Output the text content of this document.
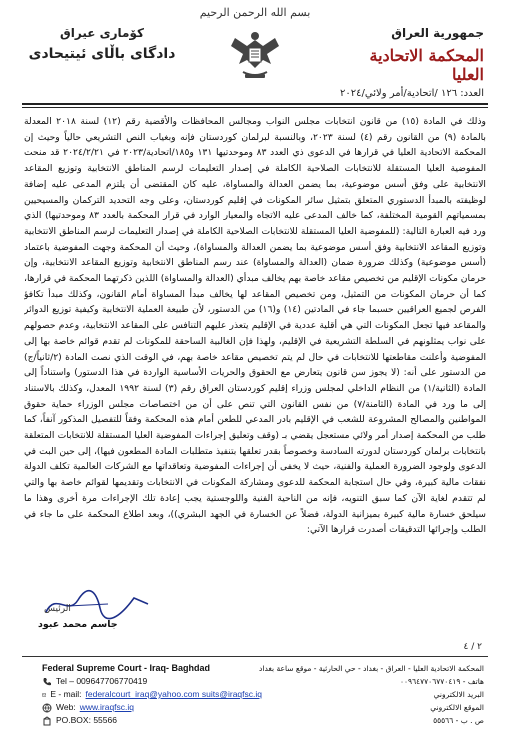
بسم الله الرحمن الرحيم
جمهورية العراق
المحكمة الاتحادية العليا
كۆمارى عيراق
دادگاى باڵاى ئیتیحادى
العدد: ١٢٦ /اتحادية/أمر ولائي/٢٠٢٤

وذلك في المادة (١٥) من قانون انتخابات مجلس النواب ومجالس المحافظات والأقضية رقم (١٢) لسنة ٢٠١٨ المعدلة بالمادة (٩) من القانون رقم (٤) لسنة ٢٠٢٣، وبالنسبة لبرلمان كوردستان فإنه وبغياب النص التشريعي حالياً وحيث إن المحكمة الاتحادية العليا في قرارها في الدعوى ذي العدد ٨٣ وموحدتيها ١٣١ و١٨٥/اتحادية/٢٠٢٣ في ٢٠٢٤/٢/٢١ قد منحت المفوضية العليا المستقلة للانتخابات الصلاحية الكاملة في إصدار التعليمات لرسم المناطق الانتخابية وتوزيع المقاعد الانتخابية على وفق أسس موضوعية، بما يضمن العدالة والمساواة، عليه كان المقتضى أن يلتزم المدعى عليه إضافة لوظيفته بالمبدأ الدستوري المتعلق بتمثيل سائر المكونات في إقليم كوردستان، وعلى وجه التحديد التركمان والمسيحيين بمسمياتهم القومية المختلفة، كما خالف المدعى عليه الاتجاه والمعيار الوارد في قرار المحكمة بالعدد ٨٣ وموحدتيها) الذي ورد فيه العبارة التالية: (للمفوضية العليا المستقلة للانتخابات الصلاحية الكاملة في إصدار التعليمات لرسم المناطق الانتخابية وتوزيع المقاعد الانتخابية وفق أسس موضوعية بما يضمن العدالة والمساواة)، وحيث أن المحكمة وجهت المفوضية باعتماد (أسس موضوعية) وكذلك ضرورة ضمان (العدالة والمساواة) عند رسم المناطق الانتخابية وتوزيع المقاعد الانتخابية، وإن حرمان مكونات الإقليم من تخصيص مقاعد خاصة بهم يخالف مبدأي (العدالة والمساواة) اللذين ذكرتهما المحكمة في قرارها، كما أن حرمان المكونات من التمثيل، ومن تخصيص المقاعد لها يخالف مبدأ المساواة أمام القانون، وكذلك مبدأ تكافؤ الفرص لجميع العراقيين حسبما جاء في المادتين (١٤) و(١٦) من الدستور، لأن طبيعة العملية الانتخابية وكيفية توزيع الدوائر والمقاعد فيها تجعل المكونات التي هي أقلية عددية في الإقليم يتعذر عليهم التنافس على المقاعد الانتخابية، وعدم حصولهم على نواب يمثلونهم في السلطة التشريعية في الإقليم، ولهذا فإن الغالبية الساحقة للمكونات لم تقدم قوائم خاصة بها إلى المفوضية وأعلنت مقاطعتها للانتخابات في حال لم يتم تخصيص مقاعد خاصة بهم، في الوقت الذي نصت المادة (٢/ثانياً/ج) من الدستور على أنه: (لا يجوز سن قانون يتعارض مع الحقوق والحريات الأساسية الواردة في هذا الدستور) واستناداً إلى المادة (الثانية/١) من النظام الداخلي لمجلس وزراء إقليم كوردستان العراق رقم (٣) لسنة ١٩٩٢ المعدل، وكذلك بالاستناد إلى ما ورد في المادة (الثامنة/٧) من نفس القانون التي تنص على أن من اختصاصات مجلس الوزراء حماية حقوق المواطنين والمصالح المشروعة للشعب في الإقليم بادر المدعي للطعن أمام هذه المحكمة وفقاً للتفصيل المذكور آنفاً، كما طلب من المحكمة إصدار أمر ولائي مستعجل يقضي بـ (وقف وتعليق إجراءات المفوضية العليا المستقلة للانتخابات المتعلقة بانتخابات برلمان كوردستان لدورته السادسة وخصوصاً بقدر تعلقها بتنفيذ متطلبات المادة المطعون فيها)، إلى حين البت في الدعوى ولوجود الضرورة العملية والفنية، حيث لا يخفى أن إجراءات المفوضية وتعاقداتها مع الشركات العالمية تكلف الدولة نفقات مالية كبيرة، وفي حال استجابة المحكمة للدعوى ومشاركة المكونات في الانتخابات وتقديمها لقوائم خاصة بها والتي لم تتقدم لغاية الآن كما سبق التنويه، فإنه من الناحية الفنية واللوجستية يجب إعادة تلك الإجراءات مرة أخرى وهذا ما سيلحق خسارة مالية كبيرة بميزانية الدولة، فضلاً عن الخسارة في الجهد البشري))، وبعد اطلاع المحكمة على ما جاء في الطلب وإجرائها التدقيقات أصدرت قرارها الآتي:

الرئيس
جاسم محمد عبود
٢ / ٤
Federal Supreme Court - Iraq- Baghdad
Tel – 009647706770419
E - mail: federalcourt_iraq@yahoo.com suits@iraqfsc.iq
Web: www.iraqfsc.iq
PO.BOX: 55566
المحكمة الاتحادية العليا - العراق - بغداد - حي الحارثية - موقع ساعة بغداد
هاتف - ٠٠٩٦٤٧٧٠٦٧٧٠٤١٩
البريد الالكتروني
الموقع الالكتروني
ص . ب - ٥٥٥٦٦
